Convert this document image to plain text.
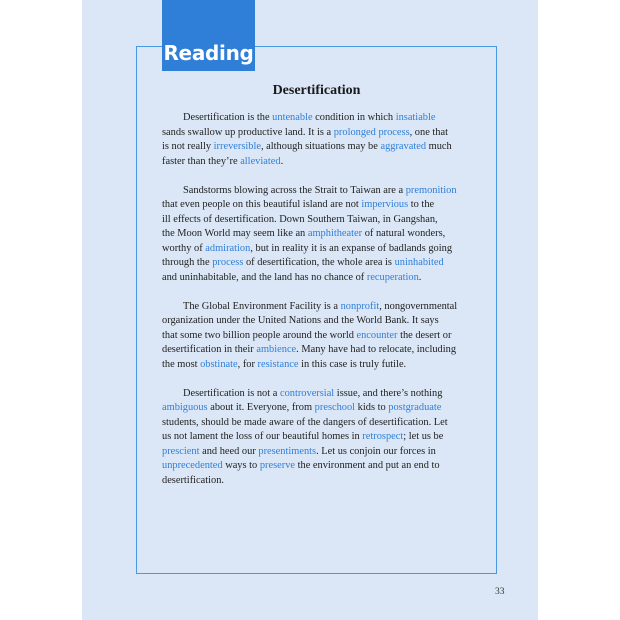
Reading
Desertification
Desertification is the untenable condition in which insatiable
sands swallow up productive land. It is a prolonged process, one that
is not really irreversible, although situations may be aggravated much
faster than they’re alleviated.
Sandstorms blowing across the Strait to Taiwan are a premonition
that even people on this beautiful island are not impervious to the
ill effects of desertification. Down Southern Taiwan, in Gangshan,
the Moon World may seem like an amphitheater of natural wonders,
worthy of admiration, but in reality it is an expanse of badlands going
through the process of desertification, the whole area is uninhabited
and uninhabitable, and the land has no chance of recuperation.
The Global Environment Facility is a nonprofit, nongovernmental
organization under the United Nations and the World Bank. It says
that some two billion people around the world encounter the desert or
desertification in their ambience. Many have had to relocate, including
the most obstinate, for resistance in this case is truly futile.
Desertification is not a controversial issue, and there’s nothing
ambiguous about it. Everyone, from preschool kids to postgraduate
students, should be made aware of the dangers of desertification. Let
us not lament the loss of our beautiful homes in retrospect; let us be
prescient and heed our presentiments. Let us conjoin our forces in
unprecedented ways to preserve the environment and put an end to
desertification.
33
